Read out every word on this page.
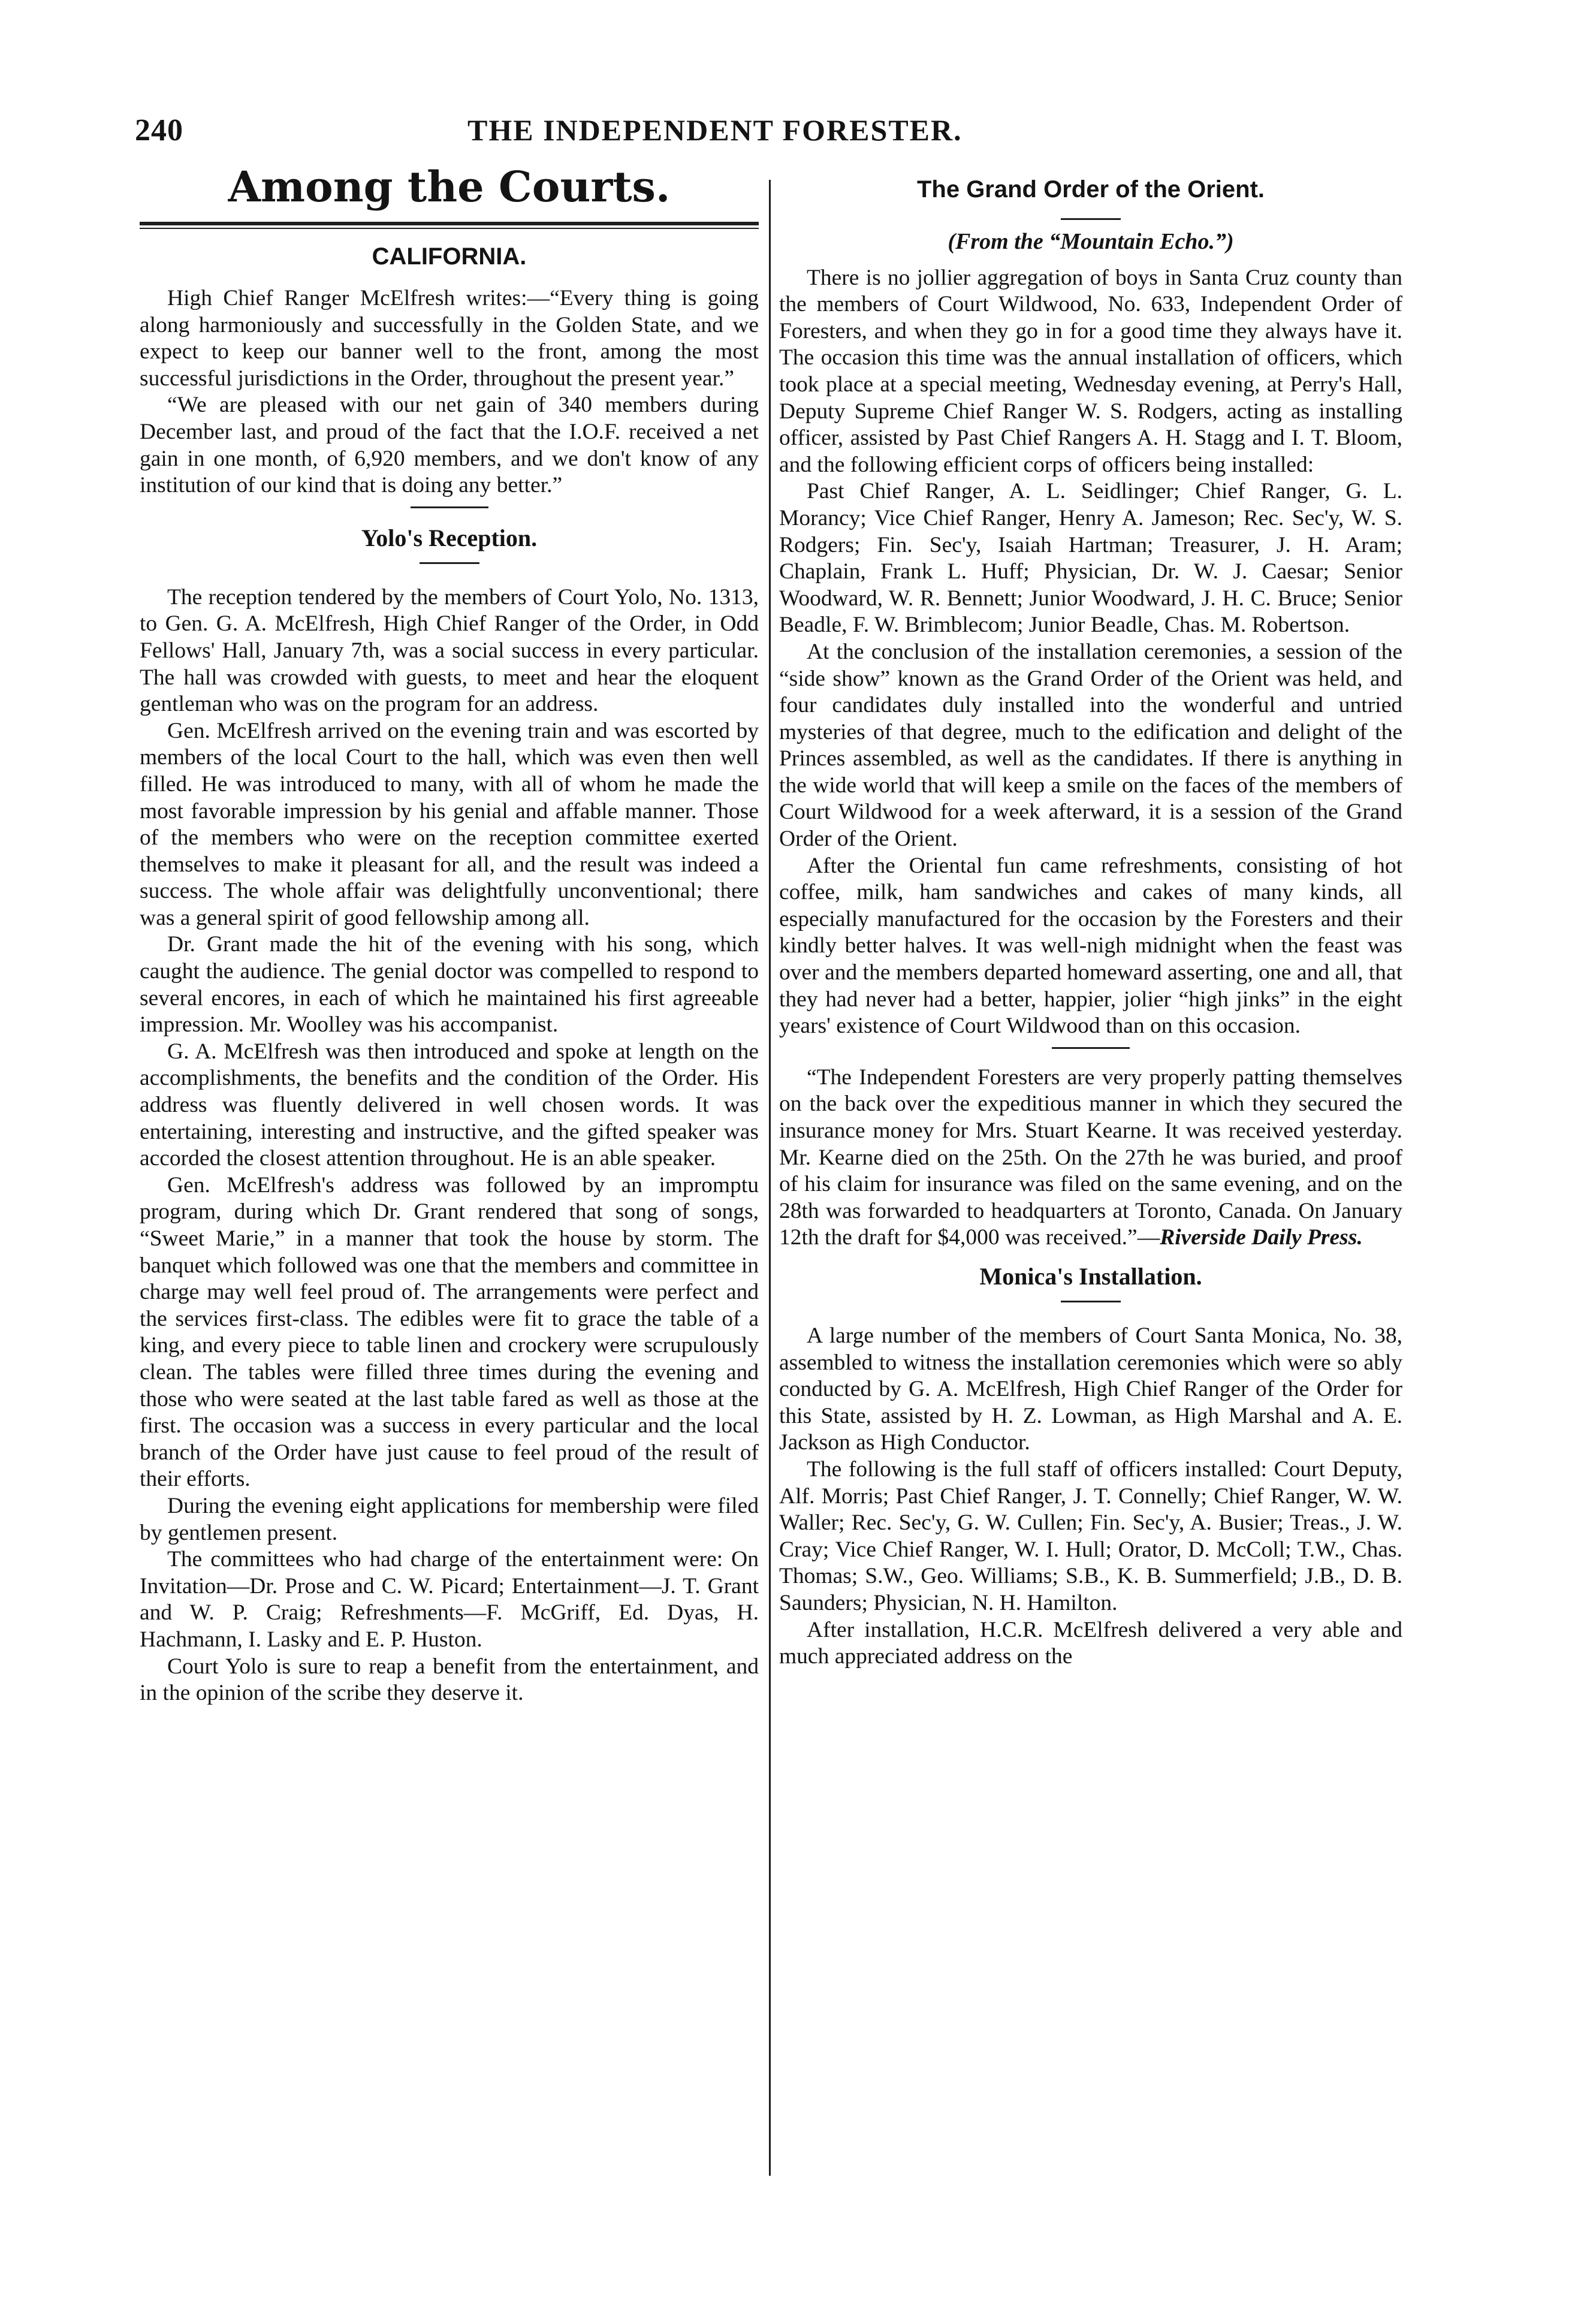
240	THE INDEPENDENT FORESTER.
Among the Courts.
CALIFORNIA.

High Chief Ranger McElfresh writes:—“Every thing is going along harmoniously and successfully in the Golden State, and we expect to keep our banner well to the front, among the most successful jurisdictions in the Order, throughout the present year.”

“We are pleased with our net gain of 340 members during December last, and proud of the fact that the I.O.F. received a net gain in one month, of 6,920 members, and we don't know of any institution of our kind that is doing any better.”

Yolo's Reception.

The reception tendered by the members of Court Yolo, No. 1313, to Gen. G. A. McElfresh, High Chief Ranger of the Order, in Odd Fellows' Hall, January 7th, was a social success in every particular. The hall was crowded with guests, to meet and hear the eloquent gentleman who was on the program for an address.

Gen. McElfresh arrived on the evening train and was escorted by members of the local Court to the hall, which was even then well filled. He was introduced to many, with all of whom he made the most favorable impression by his genial and affable manner. Those of the members who were on the reception committee exerted themselves to make it pleasant for all, and the result was indeed a success. The whole affair was delightfully unconventional; there was a general spirit of good fellowship among all.

Dr. Grant made the hit of the evening with his song, which caught the audience. The genial doctor was compelled to respond to several encores, in each of which he maintained his first agreeable impression. Mr. Woolley was his accompanist.

G. A. McElfresh was then introduced and spoke at length on the accomplishments, the benefits and the condition of the Order. His address was fluently delivered in well chosen words. It was entertaining, interesting and instructive, and the gifted speaker was accorded the closest attention throughout. He is an able speaker.

Gen. McElfresh's address was followed by an impromptu program, during which Dr. Grant rendered that song of songs, “Sweet Marie,” in a manner that took the house by storm. The banquet which followed was one that the members and committee in charge may well feel proud of. The arrangements were perfect and the services first-class. The edibles were fit to grace the table of a king, and every piece to table linen and crockery were scrupulously clean. The tables were filled three times during the evening and those who were seated at the last table fared as well as those at the first. The occasion was a success in every particular and the local branch of the Order have just cause to feel proud of the result of their efforts.

During the evening eight applications for membership were filed by gentlemen present.

The committees who had charge of the entertainment were: On Invitation—Dr. Prose and C. W. Picard; Entertainment—J. T. Grant and W. P. Craig; Refreshments—F. McGriff, Ed. Dyas, H. Hachmann, I. Lasky and E. P. Huston.

Court Yolo is sure to reap a benefit from the entertainment, and in the opinion of the scribe they deserve it.

The Grand Order of the Orient.
(From the “Mountain Echo.”)

There is no jollier aggregation of boys in Santa Cruz county than the members of Court Wildwood, No. 633, Independent Order of Foresters, and when they go in for a good time they always have it. The occasion this time was the annual installation of officers, which took place at a special meeting, Wednesday evening, at Perry's Hall, Deputy Supreme Chief Ranger W. S. Rodgers, acting as installing officer, assisted by Past Chief Rangers A. H. Stagg and I. T. Bloom, and the following efficient corps of officers being installed:

Past Chief Ranger, A. L. Seidlinger; Chief Ranger, G. L. Morancy; Vice Chief Ranger, Henry A. Jameson; Rec. Sec'y, W. S. Rodgers; Fin. Sec'y, Isaiah Hartman; Treasurer, J. H. Aram; Chaplain, Frank L. Huff; Physician, Dr. W. J. Caesar; Senior Woodward, W. R. Bennett; Junior Woodward, J. H. C. Bruce; Senior Beadle, F. W. Brimblecom; Junior Beadle, Chas. M. Robertson.

At the conclusion of the installation ceremonies, a session of the “side show” known as the Grand Order of the Orient was held, and four candidates duly installed into the wonderful and untried mysteries of that degree, much to the edification and delight of the Princes assembled, as well as the candidates. If there is anything in the wide world that will keep a smile on the faces of the members of Court Wildwood for a week afterward, it is a session of the Grand Order of the Orient.

After the Oriental fun came refreshments, consisting of hot coffee, milk, ham sandwiches and cakes of many kinds, all especially manufactured for the occasion by the Foresters and their kindly better halves. It was well-nigh midnight when the feast was over and the members departed homeward asserting, one and all, that they had never had a better, happier, jolier “high jinks” in the eight years' existence of Court Wildwood than on this occasion.

“The Independent Foresters are very properly patting themselves on the back over the expeditious manner in which they secured the insurance money for Mrs. Stuart Kearne. It was received yesterday. Mr. Kearne died on the 25th. On the 27th he was buried, and proof of his claim for insurance was filed on the same evening, and on the 28th was forwarded to headquarters at Toronto, Canada. On January 12th the draft for $4,000 was received.”—Riverside Daily Press.

Monica's Installation.

A large number of the members of Court Santa Monica, No. 38, assembled to witness the installation ceremonies which were so ably conducted by G. A. McElfresh, High Chief Ranger of the Order for this State, assisted by H. Z. Lowman, as High Marshal and A. E. Jackson as High Conductor.

The following is the full staff of officers installed: Court Deputy, Alf. Morris; Past Chief Ranger, J. T. Connelly; Chief Ranger, W. W. Waller; Rec. Sec'y, G. W. Cullen; Fin. Sec'y, A. Busier; Treas., J. W. Cray; Vice Chief Ranger, W. I. Hull; Orator, D. McColl; T.W., Chas. Thomas; S.W., Geo. Williams; S.B., K. B. Summerfield; J.B., D. B. Saunders; Physician, N. H. Hamilton.

After installation, H.C.R. McElfresh delivered a very able and much appreciated address on the
